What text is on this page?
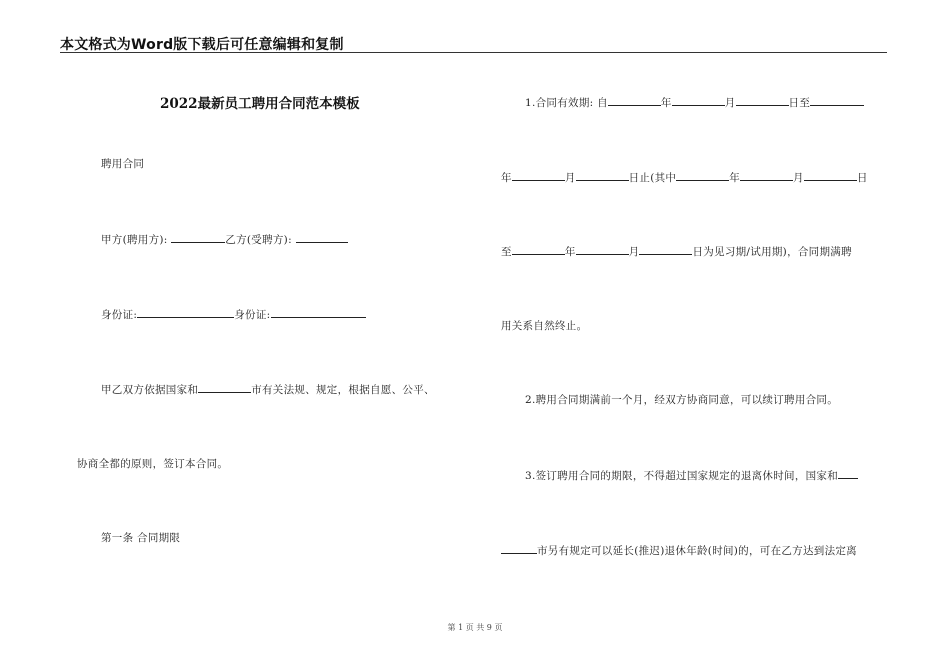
本文格式为Word版下载后可任意编辑和复制
2022最新员工聘用合同范本模板
聘用合同
甲方(聘用方):	乙方(受聘方):
身份证:	身份证:
甲乙双方依据国家和	市有关法规、规定，根据自愿、公平、
协商全都的原则，签订本合同。
第一条 合同期限
1.合同有效期: 自	年	月	日至
年	月	日止(其中	年	月	日
至	年	月	日为见习期/试用期)，合同期满聘
用关系自然终止。
2.聘用合同期满前一个月，经双方协商同意，可以续订聘用合同。
3.签订聘用合同的期限，不得超过国家规定的退离休时间，国家和
市另有规定可以延长(推迟)退休年龄(时间)的，可在乙方达到法定离
第 1 页 共 9 页
